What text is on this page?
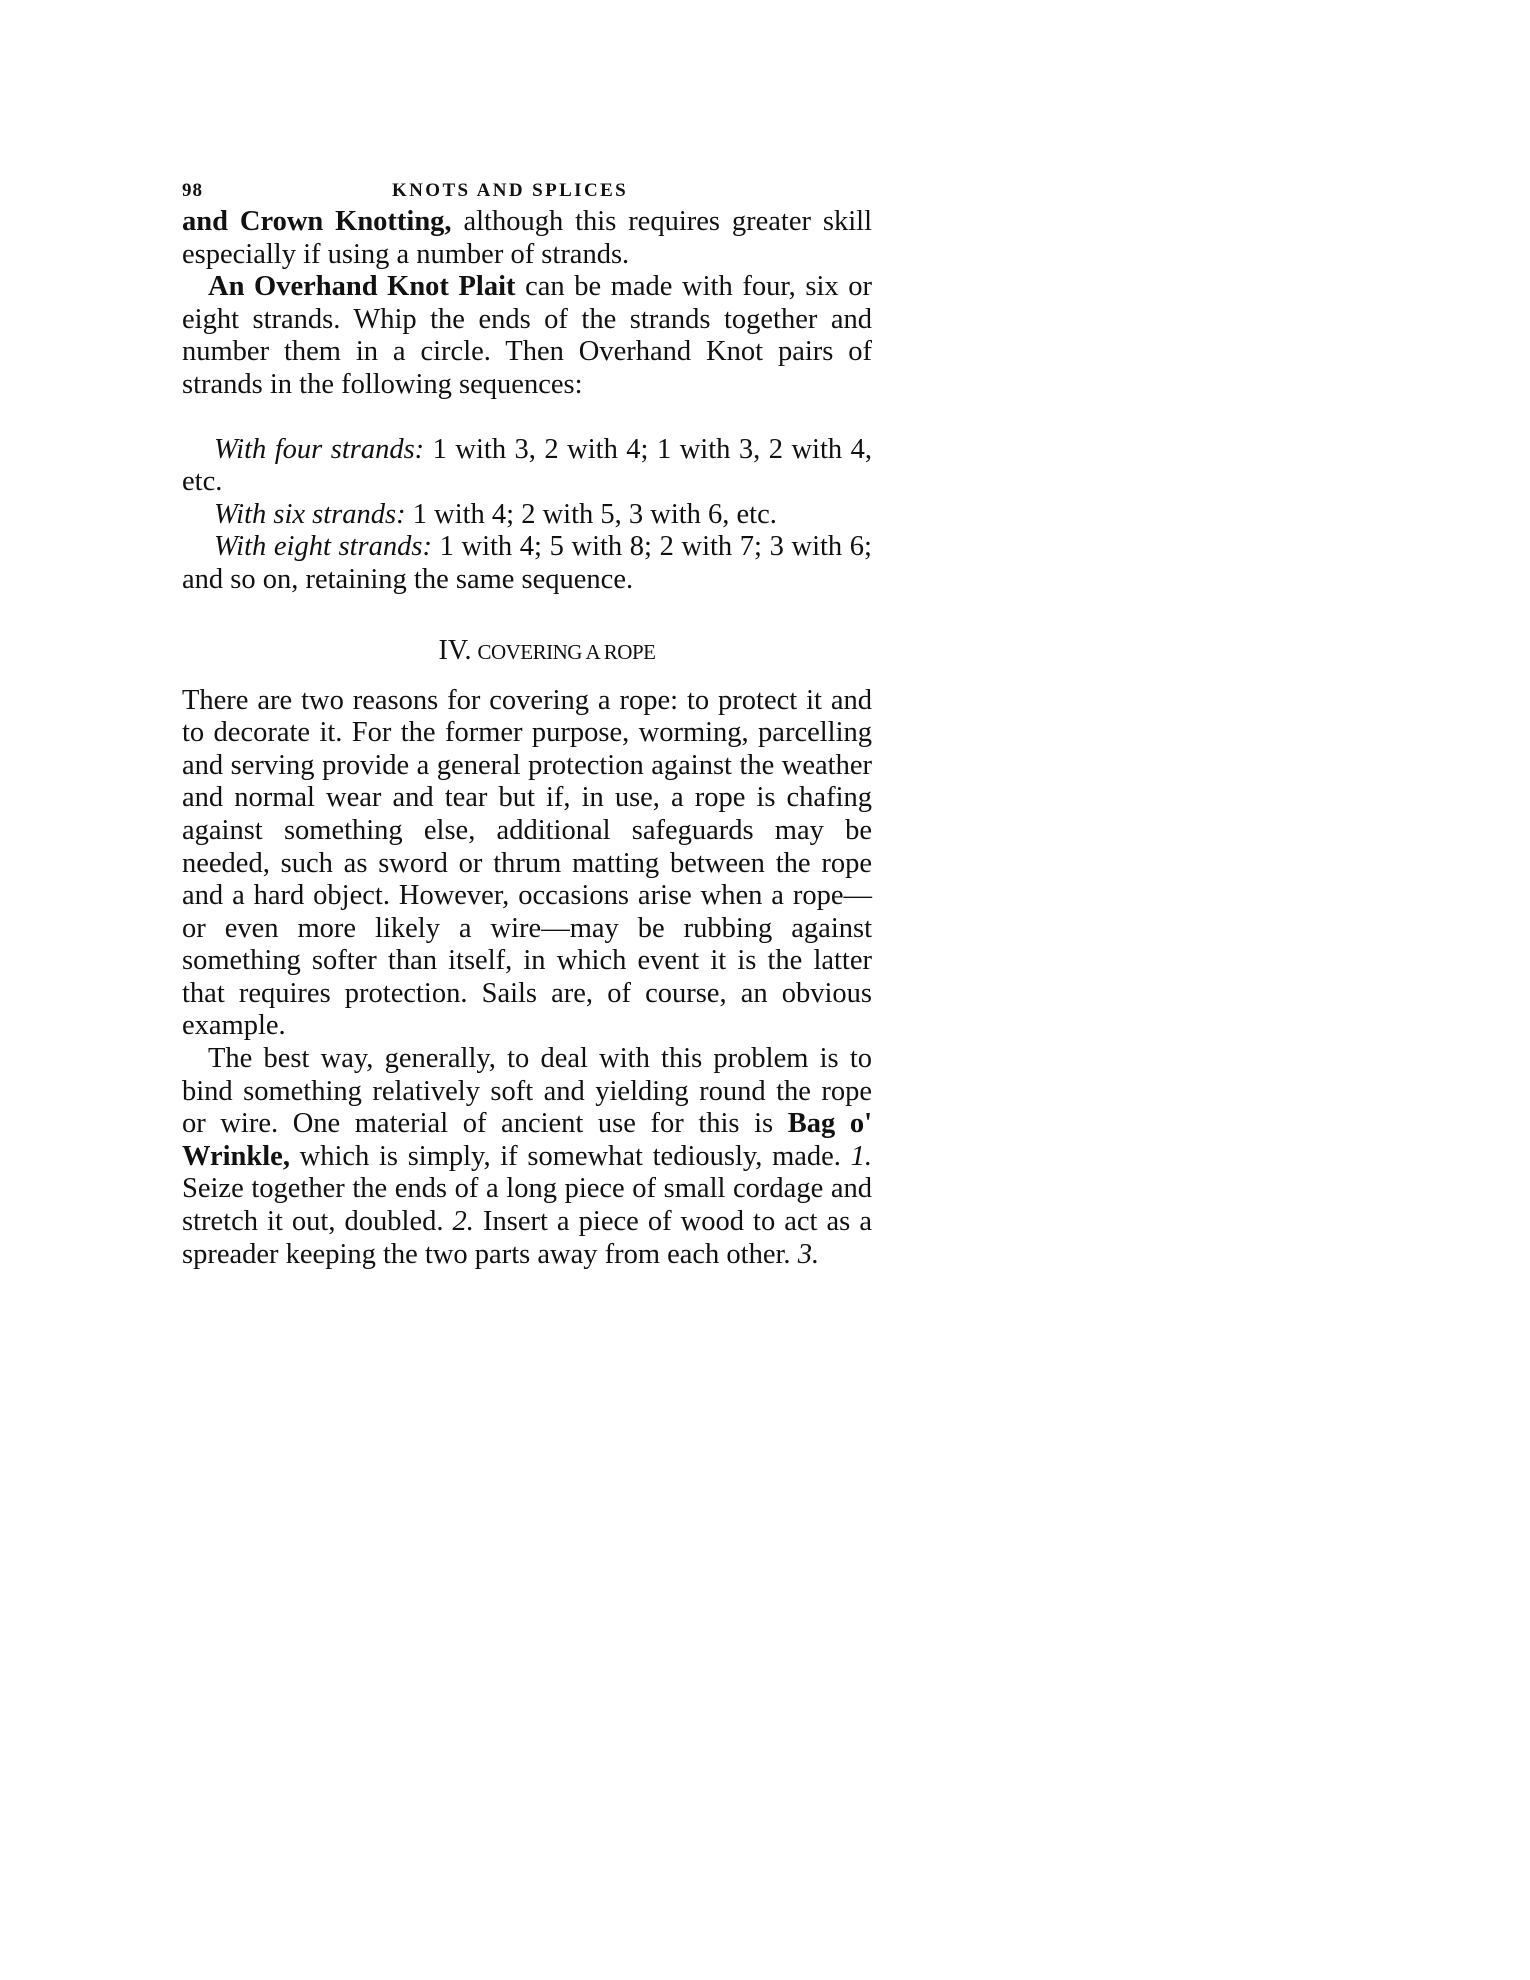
98	KNOTS AND SPLICES

and Crown Knotting, although this requires greater skill especially if using a number of strands.

An Overhand Knot Plait can be made with four, six or eight strands. Whip the ends of the strands together and number them in a circle. Then Overhand Knot pairs of strands in the following sequences:

With four strands: 1 with 3, 2 with 4; 1 with 3, 2 with 4, etc.

With six strands: 1 with 4; 2 with 5, 3 with 6, etc.

With eight strands: 1 with 4; 5 with 8; 2 with 7; 3 with 6; and so on, retaining the same sequence.

IV. COVERING A ROPE

There are two reasons for covering a rope: to protect it and to decorate it. For the former purpose, worming, parcelling and serving provide a general protection against the weather and normal wear and tear but if, in use, a rope is chafing against something else, additional safeguards may be needed, such as sword or thrum matting between the rope and a hard object. However, occasions arise when a rope—or even more likely a wire—may be rubbing against something softer than itself, in which event it is the latter that requires protection. Sails are, of course, an obvious example.

The best way, generally, to deal with this problem is to bind something relatively soft and yielding round the rope or wire. One material of ancient use for this is Bag o' Wrinkle, which is simply, if somewhat tediously, made. 1. Seize together the ends of a long piece of small cordage and stretch it out, doubled. 2. Insert a piece of wood to act as a spreader keeping the two parts away from each other. 3.
